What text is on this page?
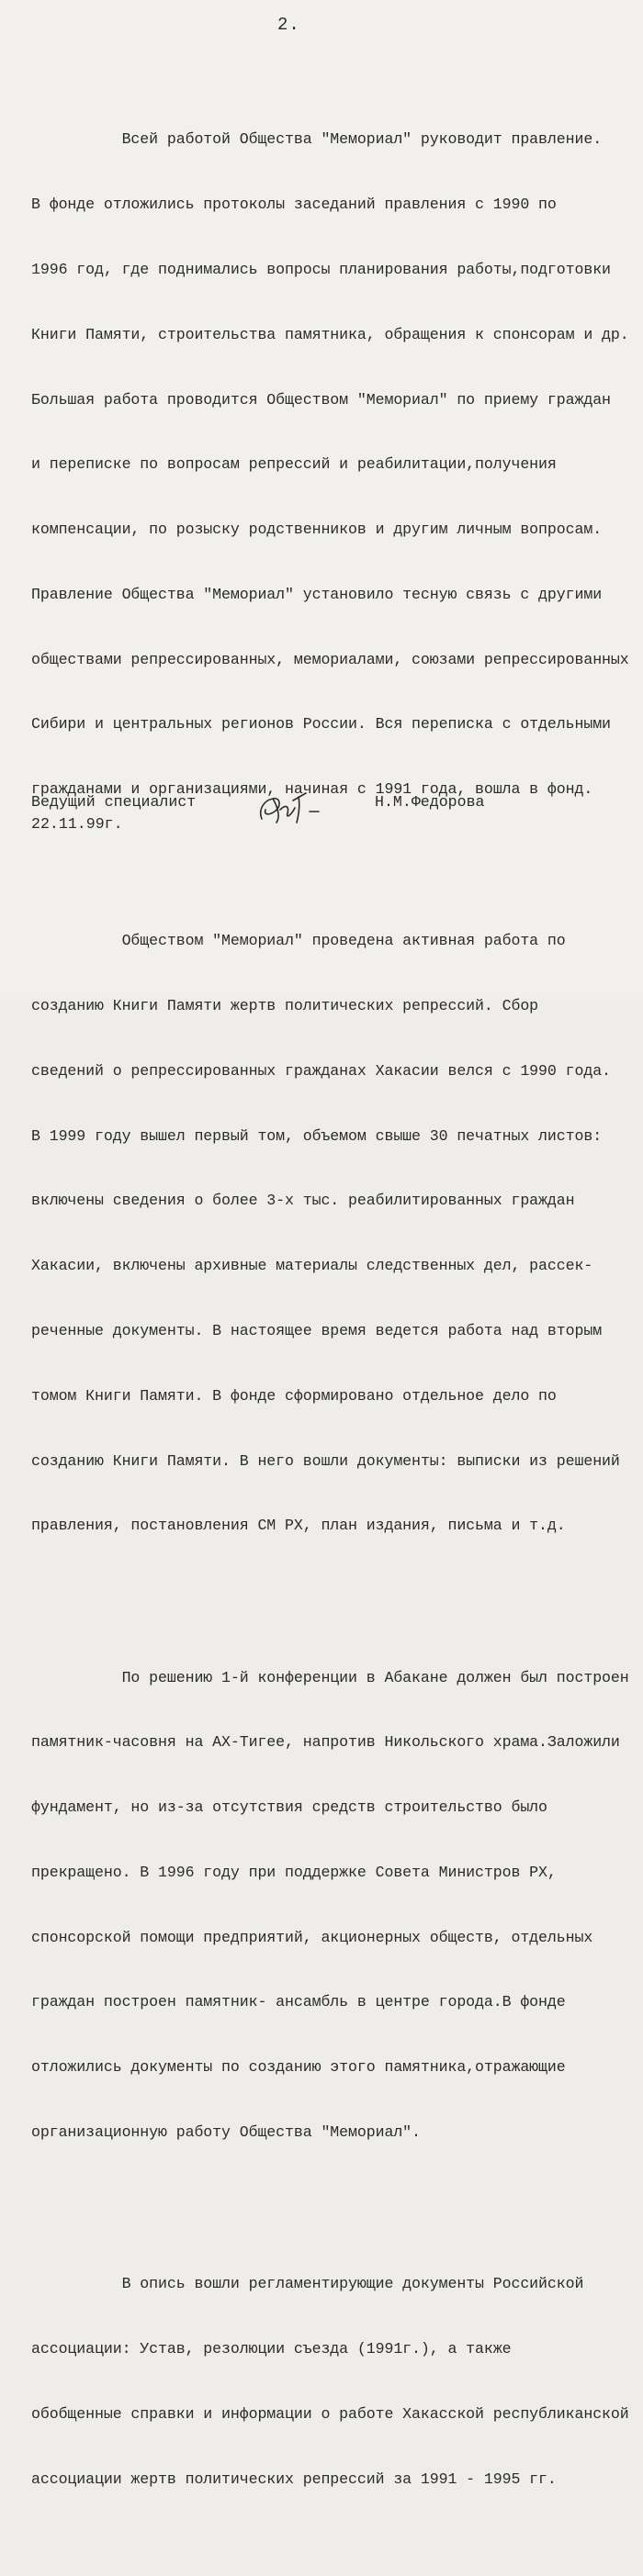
2.

Всей работой Общества "Мемориал" руководит правление.

В фонде отложились протоколы заседаний правления с 1990 по

1996 год, где поднимались вопросы планирования работы,подготовки

Книги Памяти, строительства памятника, обращения к спонсорам и др.

Большая работа проводится Обществом "Мемориал" по приему граждан

и переписке по вопросам репрессий и реабилитации,получения

компенсации, по розыску родственников и другим личным вопросам.

Правление Общества "Мемориал" установило тесную связь с другими

обществами репрессированных, мемориалами, союзами репрессированных

Сибири и центральных регионов России. Вся переписка с отдельными

гражданами и организациями, начиная с 1991 года, вошла в фонд.

Обществом "Мемориал" проведена активная работа по

созданию Книги Памяти жертв политических репрессий. Сбор

сведений о репрессированных гражданах Хакасии велся с 1990 года.

В 1999 году вышел первый том, объемом свыше 30 печатных листов:

включены сведения о более 3-х тыс. реабилитированных граждан

Хакасии, включены архивные материалы следственных дел, рассек-

реченные документы. В настоящее время ведется работа над вторым

томом Книги Памяти. В фонде сформировано отдельное дело по

созданию Книги Памяти. В него вошли документы: выписки из решений

правления, постановления СМ РХ, план издания, письма и т.д.

По решению 1-й конференции в Абакане должен был построен

памятник-часовня на АХ-Тигее, напротив Никольского храма.Заложили

фундамент, но из-за отсутствия средств строительство было

прекращено. В 1996 году при поддержке Совета Министров РХ,

спонсорской помощи предприятий, акционерных обществ, отдельных

граждан построен памятник- ансамбль в центре города.В фонде

отложились документы по созданию этого памятника,отражающие

организационную работу Общества "Мемориал".

В опись вошли регламентирующие документы Российской

ассоциации: Устав, резолюции съезда (1991г.), а также

обобщенные справки и информации о работе Хакасской республиканской

ассоциации жертв политических репрессий за 1991 - 1995 гг.

Ведущий специалист
22.11.99г.
Н.М.Федорова
